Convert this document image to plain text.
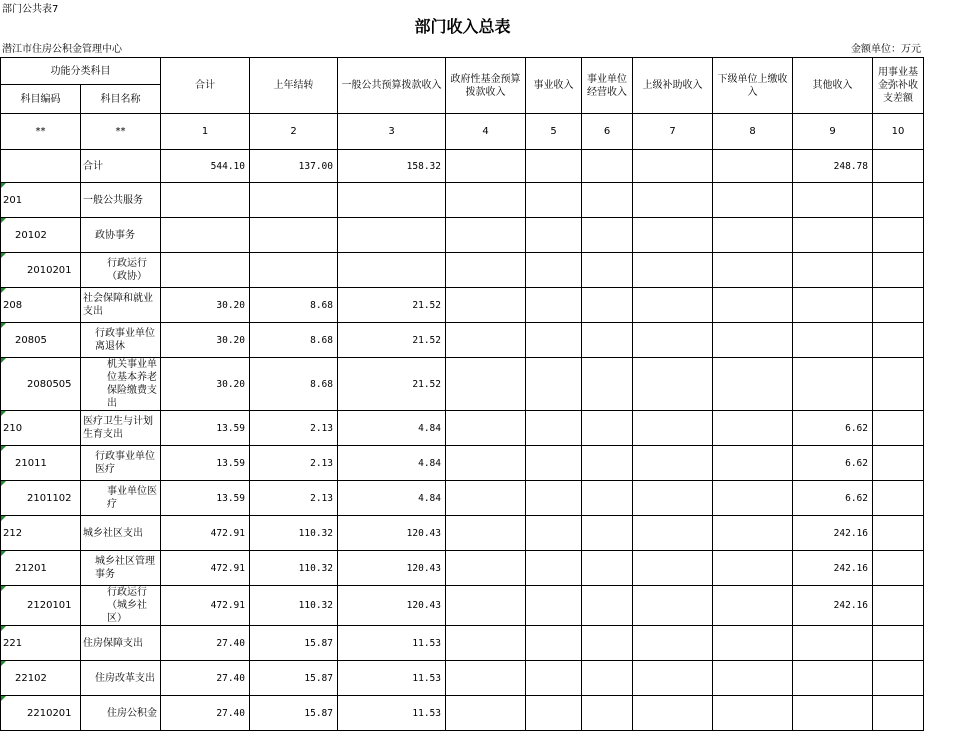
部门公共表7
部门收入总表
潜江市住房公积金管理中心	金额单位：万元
功能分类科目		合计	上年结转	一般公共预算拨款收入	政府性基金预算拨款收入	事业收入	事业单位经营收入	上级补助收入	下级单位上缴收入	其他收入	用事业基金弥补收支差额
科目编码	科目名称										
**	**	1	2	3	4	5	6	7	8	9	10
	合计	544.10	137.00	158.32						248.78	
201	一般公共服务										
20102	政协事务										
2010201	行政运行（政协）										
208	社会保障和就业支出	30.20	8.68	21.52							
20805	行政事业单位离退休	30.20	8.68	21.52							
2080505	机关事业单位基本养老保险缴费支出	30.20	8.68	21.52							
210	医疗卫生与计划生育支出	13.59	2.13	4.84						6.62	
21011	行政事业单位医疗	13.59	2.13	4.84						6.62	
2101102	事业单位医疗	13.59	2.13	4.84						6.62	
212	城乡社区支出	472.91	110.32	120.43						242.16	
21201	城乡社区管理事务	472.91	110.32	120.43						242.16	
2120101	行政运行（城乡社区）	472.91	110.32	120.43						242.16	
221	住房保障支出	27.40	15.87	11.53							
22102	住房改革支出	27.40	15.87	11.53							
2210201	住房公积金	27.40	15.87	11.53							
